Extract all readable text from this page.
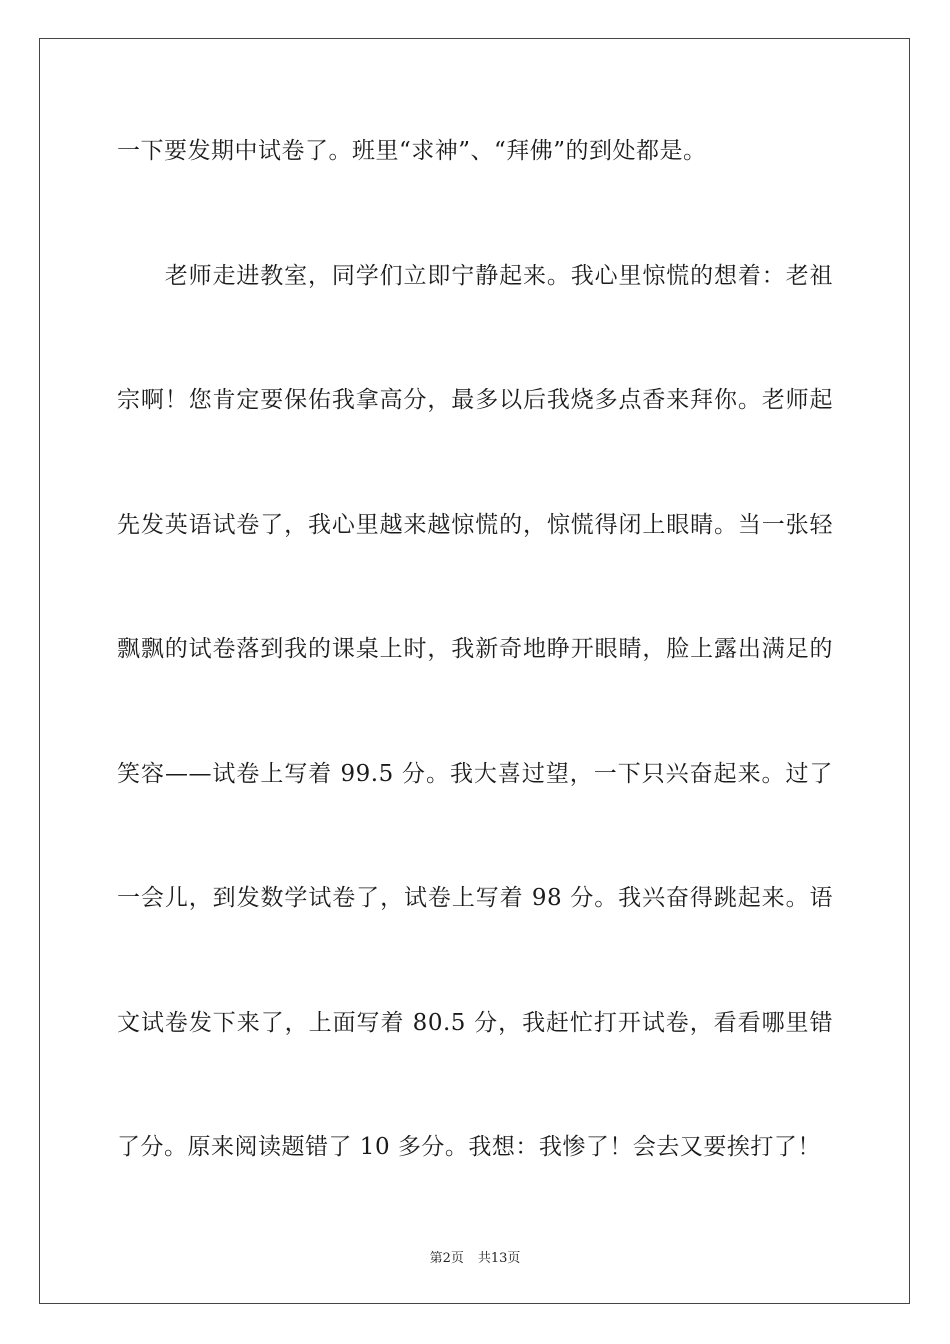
一下要发期中试卷了。班里“求神”、“拜佛”的到处都是。
　　老师走进教室，同学们立即宁静起来。我心里惊慌的想着：老祖
宗啊！您肯定要保佑我拿高分，最多以后我烧多点香来拜你。老师起
先发英语试卷了，我心里越来越惊慌的，惊慌得闭上眼睛。当一张轻
飘飘的试卷落到我的课桌上时，我新奇地睁开眼睛，脸上露出满足的
笑容——试卷上写着 99.5 分。我大喜过望，一下只兴奋起来。过了
一会儿，到发数学试卷了，试卷上写着 98 分。我兴奋得跳起来。语
文试卷发下来了，上面写着 80.5 分，我赶忙打开试卷，看看哪里错
了分。原来阅读题错了 10 多分。我想：我惨了！会去又要挨打了！
第2页 共13页
